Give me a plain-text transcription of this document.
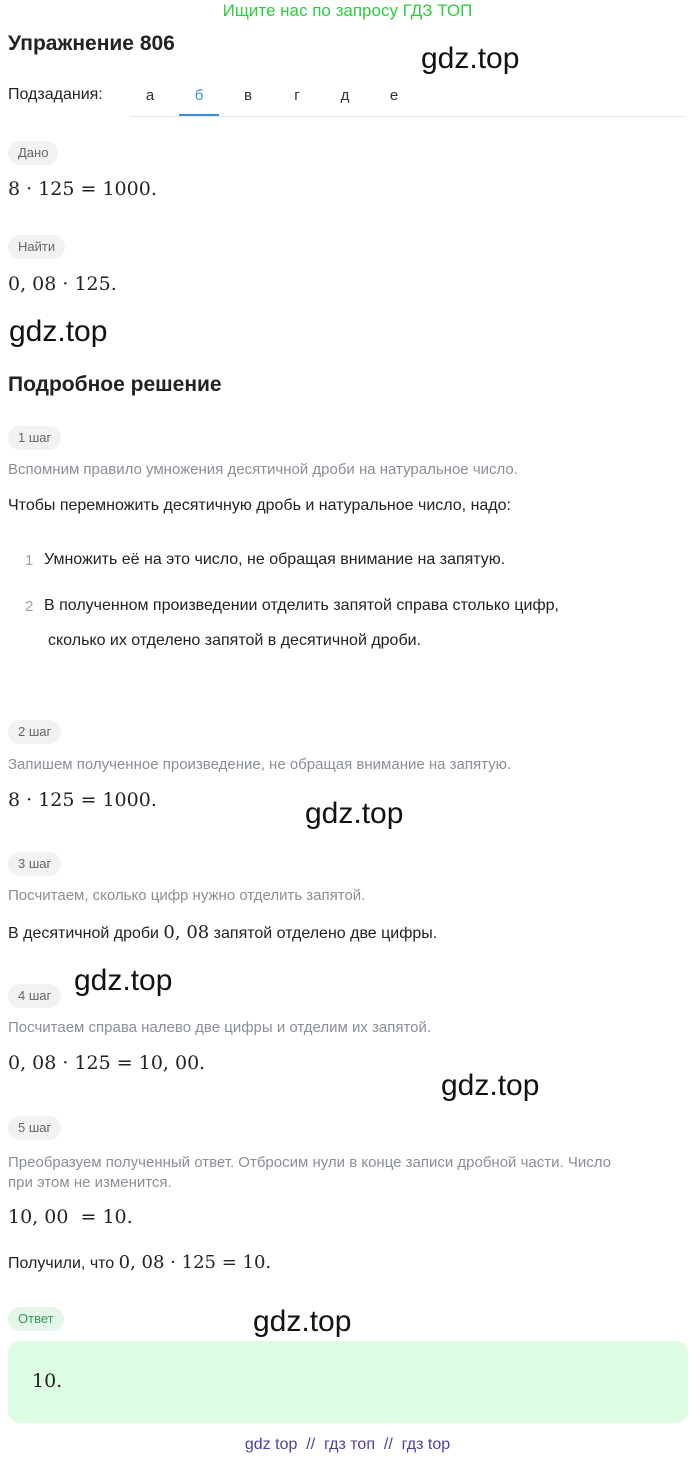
Ищите нас по запросу ГДЗ ТОП
Упражнение 806	gdz.top
Подзадания:	а	б	в	г	д	е
Дано
8 · 125 = 1000.
Найти
0, 08 · 125.
gdz.top
Подробное решение
1 шаг
Вспомним правило умножения десятичной дроби на натуральное число.
Чтобы перемножить десятичную дробь и натуральное число, надо:
1 Умножить её на это число, не обращая внимание на запятую.
2 В полученном произведении отделить запятой справа столько цифр,
сколько их отделено запятой в десятичной дроби.
2 шаг
Запишем полученное произведение, не обращая внимание на запятую.
8 · 125 = 1000.	gdz.top
3 шаг
Посчитаем, сколько цифр нужно отделить запятой.
В десятичной дроби 0, 08 запятой отделено две цифры.
gdz.top
4 шаг
Посчитаем справа налево две цифры и отделим их запятой.
0, 08 · 125 = 10, 00.
gdz.top
5 шаг
Преобразуем полученный ответ. Отбросим нули в конце записи дробной части. Число
при этом не изменится.
10, 00  = 10.
Получили, что 0, 08 · 125 = 10.
Ответ	gdz.top
10.
gdz top  //  гдз топ  //  гдз top
